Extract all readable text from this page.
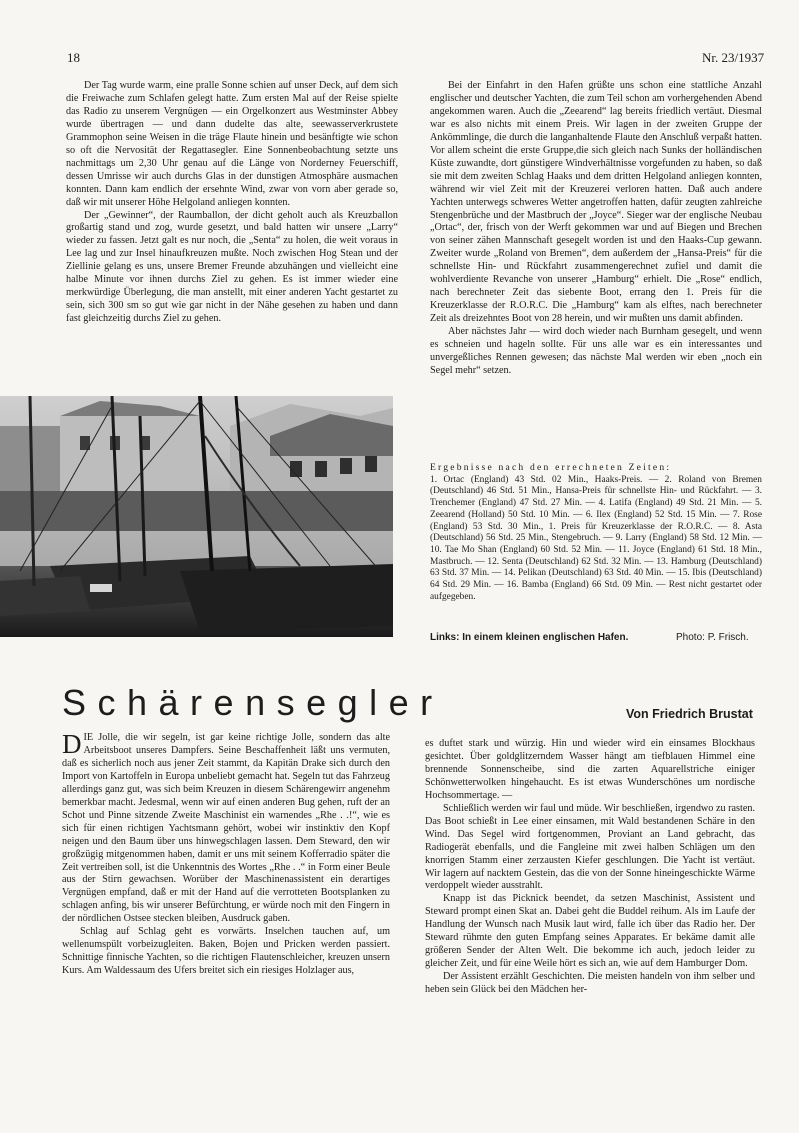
18	Nr. 23/1937

Der Tag wurde warm, eine pralle Sonne schien auf unser Deck, auf dem sich die Freiwache zum Schlafen gelegt hatte. Zum ersten Mal auf der Reise spielte das Radio zu unserem Vergnügen — ein Orgelkonzert aus Westminster Abbey wurde übertragen — und dann dudelte das alte, seewasserverkrustete Grammophon seine Weisen in die träge Flaute hinein und besänftigte wie schon so oft die Nervosität der Regattasegler. Eine Sonnenbeobachtung setzte uns nachmittags um 2,30 Uhr genau auf die Länge von Norderney Feuerschiff, dessen Umrisse wir auch durchs Glas in der dunstigen Atmosphäre ausmachen konnten. Dann kam endlich der ersehnte Wind, zwar von vorn aber gerade so, daß wir mit unserer Höhe Helgoland anliegen konnten.

Der „Gewinner“, der Raumballon, der dicht geholt auch als Kreuzballon großartig stand und zog, wurde gesetzt, und bald hatten wir unsere „Larry“ wieder zu fassen. Jetzt galt es nur noch, die „Senta“ zu holen, die weit voraus in Lee lag und zur Insel hinaufkreuzen mußte. Noch zwischen Hog Stean und der Ziellinie gelang es uns, unsere Bremer Freunde abzuhängen und vielleicht eine halbe Minute vor ihnen durchs Ziel zu gehen. Es ist immer wieder eine merkwürdige Überlegung, die man anstellt, mit einer anderen Yacht gestartet zu sein, sich 300 sm so gut wie gar nicht in der Nähe gesehen zu haben und dann fast gleichzeitig durchs Ziel zu gehen.

Bei der Einfahrt in den Hafen grüßte uns schon eine stattliche Anzahl englischer und deutscher Yachten, die zum Teil schon am vorhergehenden Abend angekommen waren. Auch die „Zeearend“ lag bereits friedlich vertäut. Diesmal war es also nichts mit einem Preis. Wir lagen in der zweiten Gruppe der Ankömmlinge, die durch die langanhaltende Flaute den Anschluß verpaßt hatten. Vor allem scheint die erste Gruppe,die sich gleich nach Sunks der holländischen Küste zuwandte, dort günstigere Windverhältnisse vorgefunden zu haben, so daß sie mit dem zweiten Schlag Haaks und dem dritten Helgoland anliegen konnten, während wir viel Zeit mit der Kreuzerei verloren hatten. Daß auch andere Yachten unterwegs schweres Wetter angetroffen hatten, dafür zeugten zahlreiche Stengenbrüche und der Mastbruch der „Joyce“. Sieger war der englische Neubau „Ortac“, der, frisch von der Werft gekommen war und auf Biegen und Brechen von seiner zähen Mannschaft gesegelt worden ist und den Haaks-Cup gewann. Zweiter wurde „Roland von Bremen“, dem außerdem der „Hansa-Preis“ für die schnellste Hin- und Rückfahrt zusammengerechnet zufiel und damit die wohlverdiente Revanche von unserer „Hamburg“ erhielt. Die „Rose“ endlich, nach berechneter Zeit das siebente Boot, errang den 1. Preis für die Kreuzerklasse der R.O.R.C. Die „Hamburg“ kam als elftes, nach berechneter Zeit als dreizehntes Boot von 28 herein, und wir mußten uns damit abfinden.

Aber nächstes Jahr — wird doch wieder nach Burnham gesegelt, und wenn es schneien und hageln sollte. Für uns alle war es ein interessantes und unvergeßliches Rennen gewesen; das nächste Mal werden wir eben „noch ein Segel mehr“ setzen.

Ergebnisse nach den errechneten Zeiten:
1. Ortac (England) 43 Std. 02 Min., Haaks-Preis. — 2. Roland von Bremen (Deutschland) 46 Std. 51 Min., Hansa-Preis für schnellste Hin- und Rückfahrt. — 3. Trenchemer (England) 47 Std. 27 Min. — 4. Latifa (England) 49 Std. 21 Min. — 5. Zeearend (Holland) 50 Std. 10 Min. — 6. Ilex (England) 52 Std. 15 Min. — 7. Rose (England) 53 Std. 30 Min., 1. Preis für Kreuzerklasse der R.O.R.C. — 8. Asta (Deutschland) 56 Std. 25 Min., Stengebruch. — 9. Larry (England) 58 Std. 12 Min. — 10. Tae Mo Shan (England) 60 Std. 52 Min. — 11. Joyce (England) 61 Std. 18 Min., Mastbruch. — 12. Senta (Deutschland) 62 Std. 32 Min. — 13. Hamburg (Deutschland) 63 Std. 37 Min. — 14. Pelikan (Deutschland) 63 Std. 40 Min. — 15. Ibis (Deutschland) 64 Std. 29 Min. — 16. Bamba (England) 66 Std. 09 Min. — Rest nicht gestartet oder aufgegeben.
Links: In einem kleinen englischen Hafen.	Photo: P. Frisch.
Schärensegler	Von Friedrich Brustat

DIE Jolle, die wir segeln, ist gar keine richtige Jolle, sondern das alte Arbeitsboot unseres Dampfers. Seine Beschaffenheit läßt uns vermuten, daß es sicherlich noch aus jener Zeit stammt, da Kapitän Drake sich durch den Import von Kartoffeln in Europa unbeliebt gemacht hat. Segeln tut das Fahrzeug allerdings ganz gut, was sich beim Kreuzen in diesem Schärengewirr angenehm bemerkbar macht. Jedesmal, wenn wir auf einen anderen Bug gehen, ruft der an Schot und Pinne sitzende Zweite Maschinist ein warnendes „Rhe . .!“, wie es sich für einen richtigen Yachtsmann gehört, wobei wir instinktiv den Kopf neigen und den Baum über uns hinwegschlagen lassen. Dem Steward, den wir großzügig mitgenommen haben, damit er uns mit seinem Kofferradio später die Zeit vertreiben soll, ist die Unkenntnis des Wortes „Rhe . .“ in Form einer Beule aus der Stirn gewachsen. Worüber der Maschinenassistent ein derartiges Vergnügen empfand, daß er mit der Hand auf die verrotteten Bootsplanken zu schlagen anfing, bis wir unserer Befürchtung, er würde noch mit den Fingern in der nördlichen Ostsee stecken bleiben, Ausdruck gaben.

Schlag auf Schlag geht es vorwärts. Inselchen tauchen auf, um wellenumspült vorbeizugleiten. Baken, Bojen und Pricken werden passiert. Schnittige finnische Yachten, so die richtigen Flautenschleicher, kreuzen unsern Kurs. Am Waldessaum des Ufers breitet sich ein riesiges Holzlager aus,

es duftet stark und würzig. Hin und wieder wird ein einsames Blockhaus gesichtet. Über goldglitzerndem Wasser hängt am tiefblauen Himmel eine brennende Sonnenscheibe, sind die zarten Aquarellstriche einiger Schönwetterwolken hingehaucht. Es ist etwas Wunderschönes um nordische Hochsommertage. —

Schließlich werden wir faul und müde. Wir beschließen, irgendwo zu rasten. Das Boot schießt in Lee einer einsamen, mit Wald bestandenen Schäre in den Wind. Das Segel wird fortgenommen, Proviant an Land gebracht, das Radiogerät ebenfalls, und die Fangleine mit zwei halben Schlägen um den knorrigen Stamm einer zerzausten Kiefer geschlungen. Die Yacht ist vertäut. Wir lagern auf nacktem Gestein, das die von der Sonne hineingeschickte Wärme verdoppelt wieder ausstrahlt.

Knapp ist das Picknick beendet, da setzen Maschinist, Assistent und Steward prompt einen Skat an. Dabei geht die Buddel reihum. Als im Laufe der Handlung der Wunsch nach Musik laut wird, falle ich über das Radio her. Der Steward rühmte den guten Empfang seines Apparates. Er bekäme damit alle größeren Sender der Alten Welt. Die bekomme ich auch, jedoch leider zu gleicher Zeit, und für eine Weile hört es sich an, wie auf dem Hamburger Dom.

Der Assistent erzählt Geschichten. Die meisten handeln von ihm selber und heben sein Glück bei den Mädchen her-
